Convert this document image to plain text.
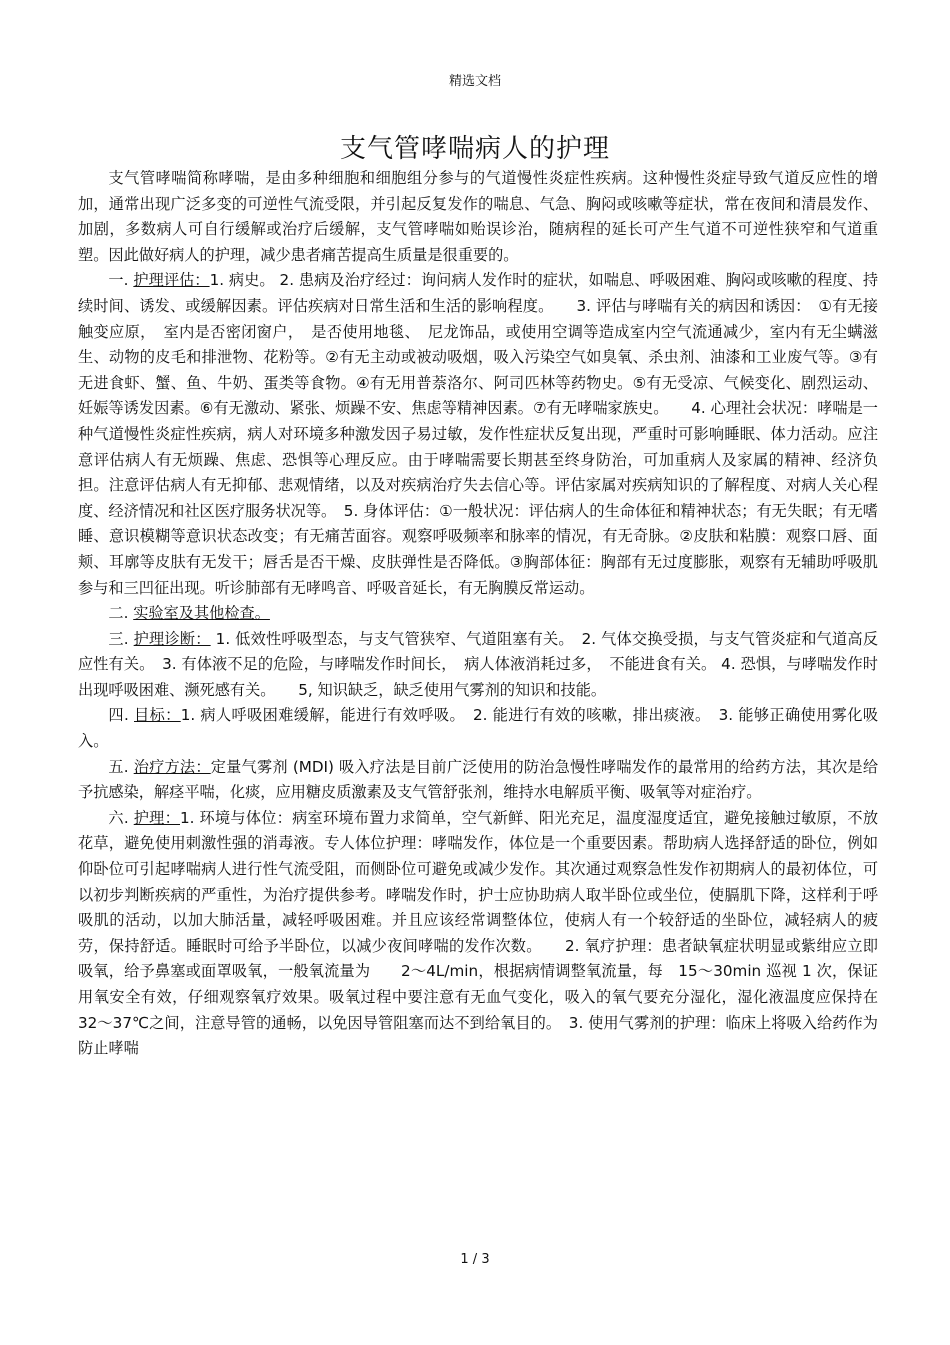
精选文档
支气管哮喘病人的护理

支气管哮喘简称哮喘，是由多种细胞和细胞组分参与的气道慢性炎症性疾病。这种慢性炎症导致气道反应性的增加，通常出现广泛多变的可逆性气流受限，并引起反复发作的喘息、气急、胸闷或咳嗽等症状，常在夜间和清晨发作、加剧，多数病人可自行缓解或治疗后缓解，支气管哮喘如贻误诊治，随病程的延长可产生气道不可逆性狭窄和气道重塑。因此做好病人的护理，减少患者痛苦提高生质量是很重要的。

一. 护理评估：1. 病史。 2. 患病及治疗经过：询问病人发作时的症状，如喘息、呼吸困难、胸闷或咳嗽的程度、持续时间、诱发、或缓解因素。评估疾病对日常生活和生活的影响程度。　　3. 评估与哮喘有关的病因和诱因：　①有无接触变应原，　室内是否密闭窗户，　是否使用地毯、　尼龙饰品，或使用空调等造成室内空气流通减少，室内有无尘螨滋生、动物的皮毛和排泄物、花粉等。②有无主动或被动吸烟，吸入污染空气如臭氧、杀虫剂、油漆和工业废气等。③有无进食虾、蟹、鱼、牛奶、蛋类等食物。④有无用普萘洛尔、阿司匹林等药物史。⑤有无受凉、气候变化、剧烈运动、妊娠等诱发因素。⑥有无激动、紧张、烦躁不安、焦虑等精神因素。⑦有无哮喘家族史。　　4. 心理社会状况：哮喘是一种气道慢性炎症性疾病，病人对环境多种激发因子易过敏，发作性症状反复出现，严重时可影响睡眠、体力活动。应注意评估病人有无烦躁、焦虑、恐惧等心理反应。由于哮喘需要长期甚至终身防治，可加重病人及家属的精神、经济负担。注意评估病人有无抑郁、悲观情绪，以及对疾病治疗失去信心等。评估家属对疾病知识的了解程度、对病人关心程度、经济情况和社区医疗服务状况等。　5. 身体评估：①一般状况：评估病人的生命体征和精神状态；有无失眠；有无嗜睡、意识模糊等意识状态改变；有无痛苦面容。观察呼吸频率和脉率的情况，有无奇脉。②皮肤和粘膜：观察口唇、面颊、耳廓等皮肤有无发干；唇舌是否干燥、皮肤弹性是否降低。③胸部体征：胸部有无过度膨胀，观察有无辅助呼吸肌参与和三凹征出现。听诊肺部有无哮鸣音、呼吸音延长，有无胸膜反常运动。

二. 实验室及其他检查。

三. 护理诊断： 1. 低效性呼吸型态，与支气管狭窄、气道阻塞有关。　2. 气体交换受损，与支气管炎症和气道高反应性有关。　3. 有体液不足的危险，与哮喘发作时间长，　病人体液消耗过多，　不能进食有关。 4. 恐惧，与哮喘发作时出现呼吸困难、濒死感有关。　　5, 知识缺乏，缺乏使用气雾剂的知识和技能。

四. 目标：1. 病人呼吸困难缓解，能进行有效呼吸。　2. 能进行有效的咳嗽，排出痰液。　3. 能够正确使用雾化吸入。

五. 治疗方法：定量气雾剂 (MDI) 吸入疗法是目前广泛使用的防治急慢性哮喘发作的最常用的给药方法，其次是给予抗感染，解痉平喘，化痰，应用糖皮质激素及支气管舒张剂，维持水电解质平衡、吸氧等对症治疗。

六. 护理：1. 环境与体位：病室环境布置力求简单，空气新鲜、阳光充足，温度湿度适宜，避免接触过敏原，不放花草，避免使用刺激性强的消毒液。专人体位护理：哮喘发作，体位是一个重要因素。帮助病人选择舒适的卧位，例如仰卧位可引起哮喘病人进行性气流受阻，而侧卧位可避免或减少发作。其次通过观察急性发作初期病人的最初体位，可以初步判断疾病的严重性，为治疗提供参考。哮喘发作时，护士应协助病人取半卧位或坐位，使膈肌下降，这样利于呼吸肌的活动，以加大肺活量，减轻呼吸困难。并且应该经常调整体位，使病人有一个较舒适的坐卧位，减轻病人的疲劳，保持舒适。睡眠时可给予半卧位，以减少夜间哮喘的发作次数。　　2. 氧疗护理：患者缺氧症状明显或紫绀应立即吸氧，给予鼻塞或面罩吸氧，一般氧流量为　　2～4L/min，根据病情调整氧流量，每　15～30min 巡视 1 次，保证用氧安全有效，仔细观察氧疗效果。吸氧过程中要注意有无血气变化，吸入的氧气要充分湿化，湿化液温度应保持在　　32～37℃之间，注意导管的通畅，以免因导管阻塞而达不到给氧目的。　3. 使用气雾剂的护理：临床上将吸入给药作为防止哮喘

1 / 3
